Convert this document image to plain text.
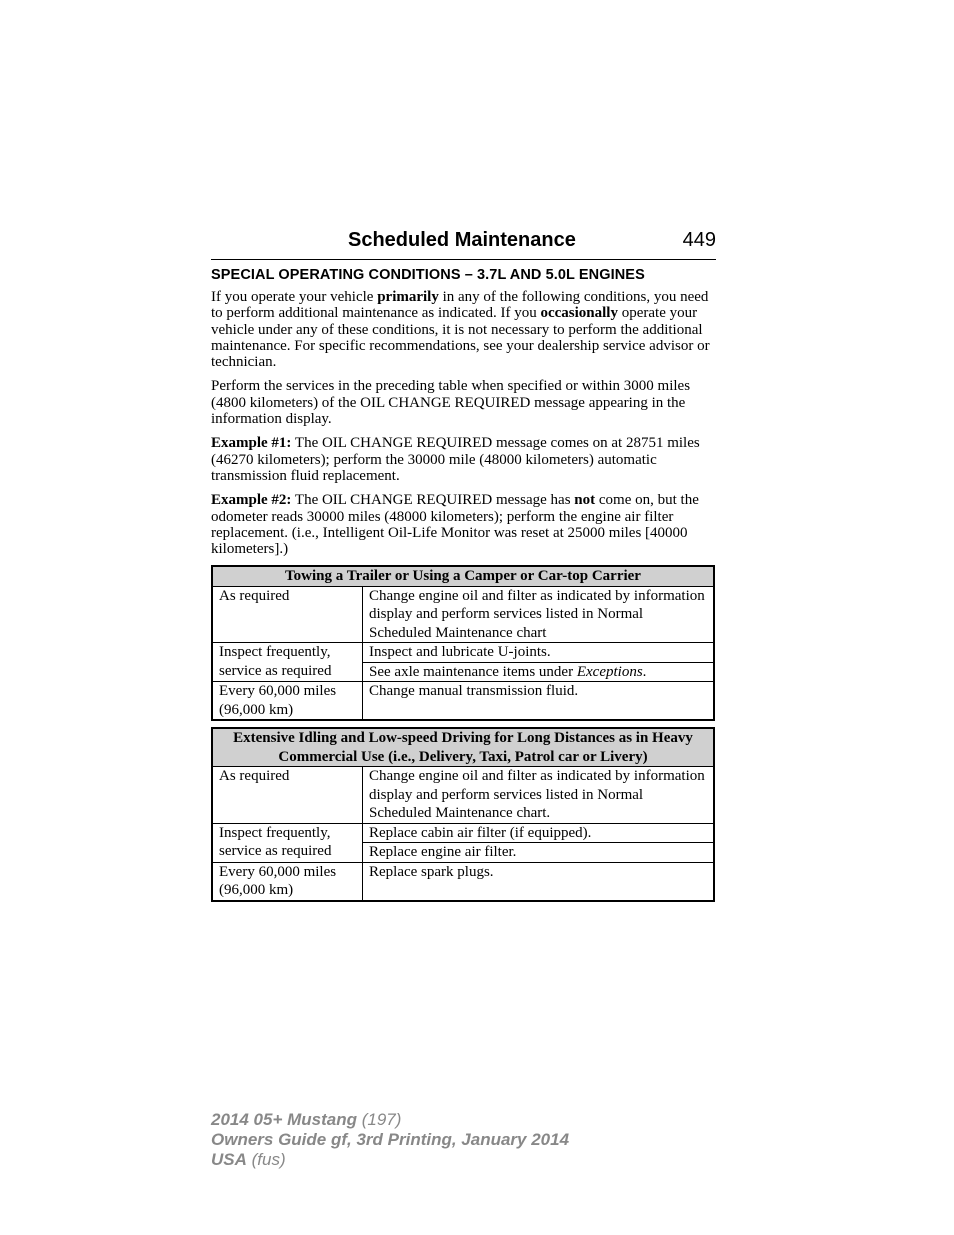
Scheduled Maintenance	449
SPECIAL OPERATING CONDITIONS – 3.7L AND 5.0L ENGINES

If you operate your vehicle primarily in any of the following conditions, you need to perform additional maintenance as indicated. If you occasionally operate your vehicle under any of these conditions, it is not necessary to perform the additional maintenance. For specific recommendations, see your dealership service advisor or technician.

Perform the services in the preceding table when specified or within 3000 miles (4800 kilometers) of the OIL CHANGE REQUIRED message appearing in the information display.

Example #1: The OIL CHANGE REQUIRED message comes on at 28751 miles (46270 kilometers); perform the 30000 mile (48000 kilometers) automatic transmission fluid replacement.

Example #2: The OIL CHANGE REQUIRED message has not come on, but the odometer reads 30000 miles (48000 kilometers); perform the engine air filter replacement. (i.e., Intelligent Oil-Life Monitor was reset at 25000 miles [40000 kilometers].)

Towing a Trailer or Using a Camper or Car-top Carrier	
As required	Change engine oil and filter as indicated by information display and perform services listed in Normal Scheduled Maintenance chart
Inspect frequently, service as required	Inspect and lubricate U-joints.
	See axle maintenance items under Exceptions.
Every 60,000 miles (96,000 km)	Change manual transmission fluid.
Extensive Idling and Low-speed Driving for Long Distances as in Heavy Commercial Use (i.e., Delivery, Taxi, Patrol car or Livery)	
As required	Change engine oil and filter as indicated by information display and perform services listed in Normal Scheduled Maintenance chart.
Inspect frequently, service as required	Replace cabin air filter (if equipped).
	Replace engine air filter.
Every 60,000 miles (96,000 km)	Replace spark plugs.
2014 05+ Mustang (197)
Owners Guide gf, 3rd Printing, January 2014
USA (fus)
